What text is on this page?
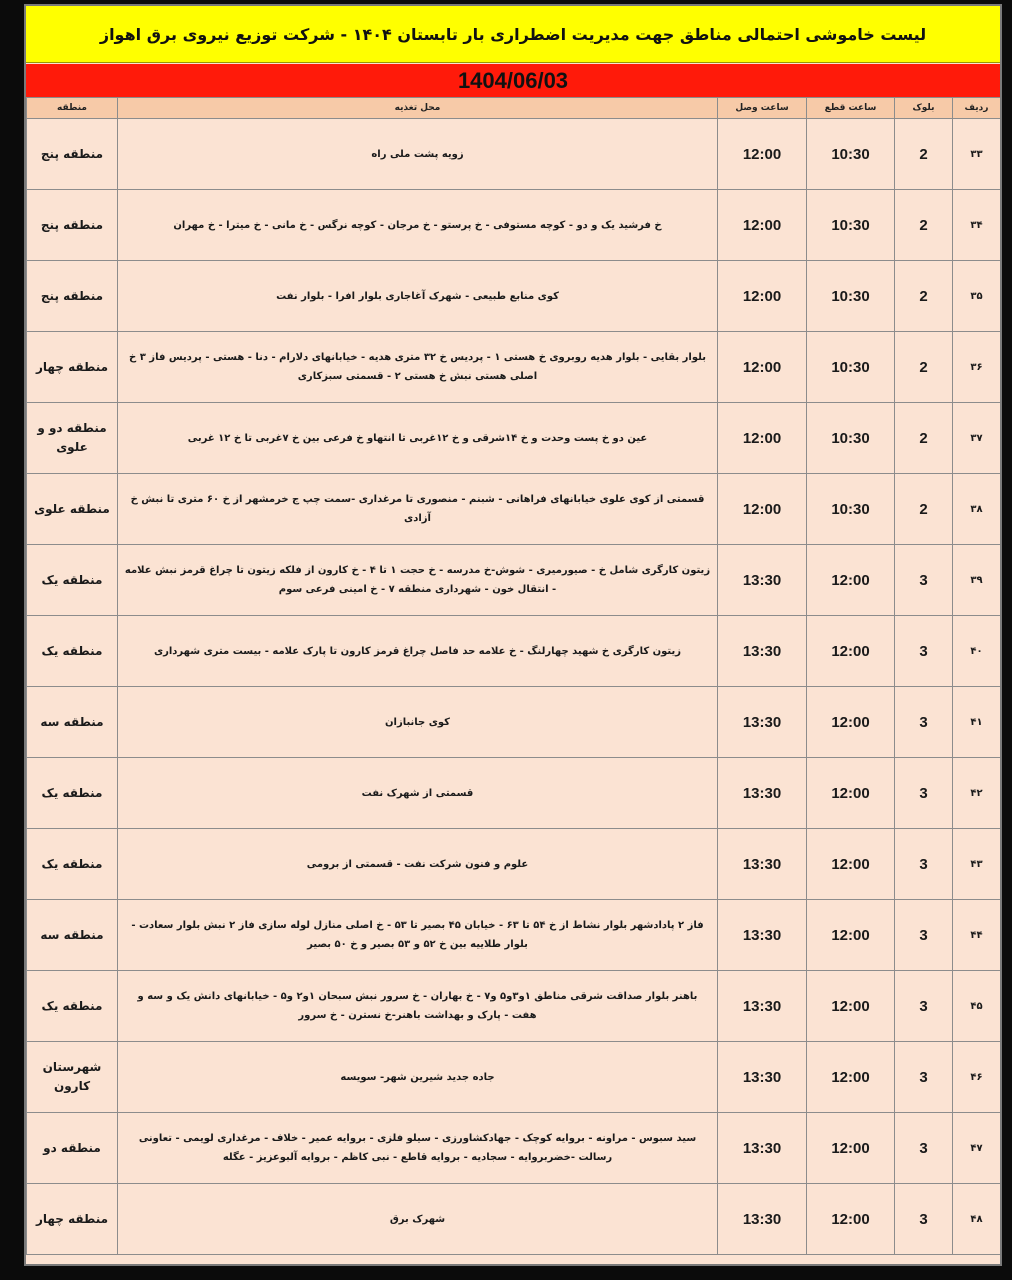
لیست خاموشی احتمالی مناطق جهت مدیریت اضطراری بار تابستان ۱۴۰۴ - شرکت توزیع نیروی برق اهواز
1404/06/03
ردیف	بلوک	ساعت قطع	ساعت وصل	محل تغذیه	منطقه
۳۳	2	10:30	12:00	زویه پشت ملی راه	منطقه پنج
۳۴	2	10:30	12:00	خ فرشید یک و دو - کوچه مستوفی - خ پرستو - خ مرجان - کوچه نرگس - خ مانی - خ میترا - خ مهران	منطقه پنج
۳۵	2	10:30	12:00	کوی منابع طبیعی - شهرک آغاجاری بلوار افرا - بلوار نفت	منطقه پنج
۳۶	2	10:30	12:00	بلوار بقایی - بلوار هدیه روبروی خ هستی ۱ - پردیس خ ۳۲ متری هدیه - خیابانهای دلارام - دنا - هستی - پردیس فاز ۳ خ اصلی هستی نبش خ هستی ۲ - قسمتی سبزکاری	منطقه چهار
۳۷	2	10:30	12:00	عین دو خ پست وحدت و خ ۱۴شرقی و خ ۱۲غربی تا انتهاو خ فرعی بین خ ۷غربی تا خ ۱۲ غربی	منطقه دو و علوی
۳۸	2	10:30	12:00	قسمتی از کوی علوی خیابانهای فراهانی - شبنم - منصوری تا مرغداری -سمت چپ ج خرمشهر از خ ۶۰ متری تا نبش خ آزادی	منطقه علوی
۳۹	3	12:00	13:30	زیتون کارگری شامل خ - صیورمیری - شوش-خ مدرسه - خ حجت ۱ تا ۴ - خ کارون از فلکه زیتون تا چراغ قرمز نبش علامه - انتقال خون - شهرداری منطقه ۷ - خ امینی فرعی سوم	منطقه یک
۴۰	3	12:00	13:30	زیتون کارگری خ شهید چهارلنگ - خ علامه حد فاصل چراغ قرمز کارون تا پارک علامه - بیست متری شهرداری	منطقه یک
۴۱	3	12:00	13:30	کوی جانبازان	منطقه سه
۴۲	3	12:00	13:30	قسمتی از شهرک نفت	منطقه یک
۴۳	3	12:00	13:30	علوم و فنون شرکت نفت - قسمتی از برومی	منطقه یک
۴۴	3	12:00	13:30	فاز ۲ پادادشهر بلوار نشاط از خ ۵۴ تا ۶۳ - خیابان ۴۵ بصیر تا ۵۳ - خ اصلی منازل لوله سازی فاز ۲ نبش بلوار سعادت - بلوار طلاییه بین خ ۵۲ و ۵۳ بصیر و خ ۵۰ بصیر	منطقه سه
۴۵	3	12:00	13:30	باهنر بلوار صداقت شرقی مناطق ۱و۳و۵ و۷ - خ بهاران - خ سرور نبش سبحان ۱و۲ و۵ - خیابانهای دانش یک و سه و هفت - پارک و بهداشت باهنر-خ نسترن - خ سرور	منطقه یک
۴۶	3	12:00	13:30	جاده جدید شیرین شهر- سویسه	شهرستان کارون
۴۷	3	12:00	13:30	سید سبوس - مراونه - بروایه کوچک - جهادکشاورزی - سیلو فلزی - بروایه عمیر - خلاف - مرغداری لویمی - تعاونی رسالت -خضربروایه - سجادیه - بروایه قاطع - نبی کاظم - بروایه آلبوعزیز - عگله	منطقه دو
۴۸	3	12:00	13:30	شهرک برق	منطقه چهار
